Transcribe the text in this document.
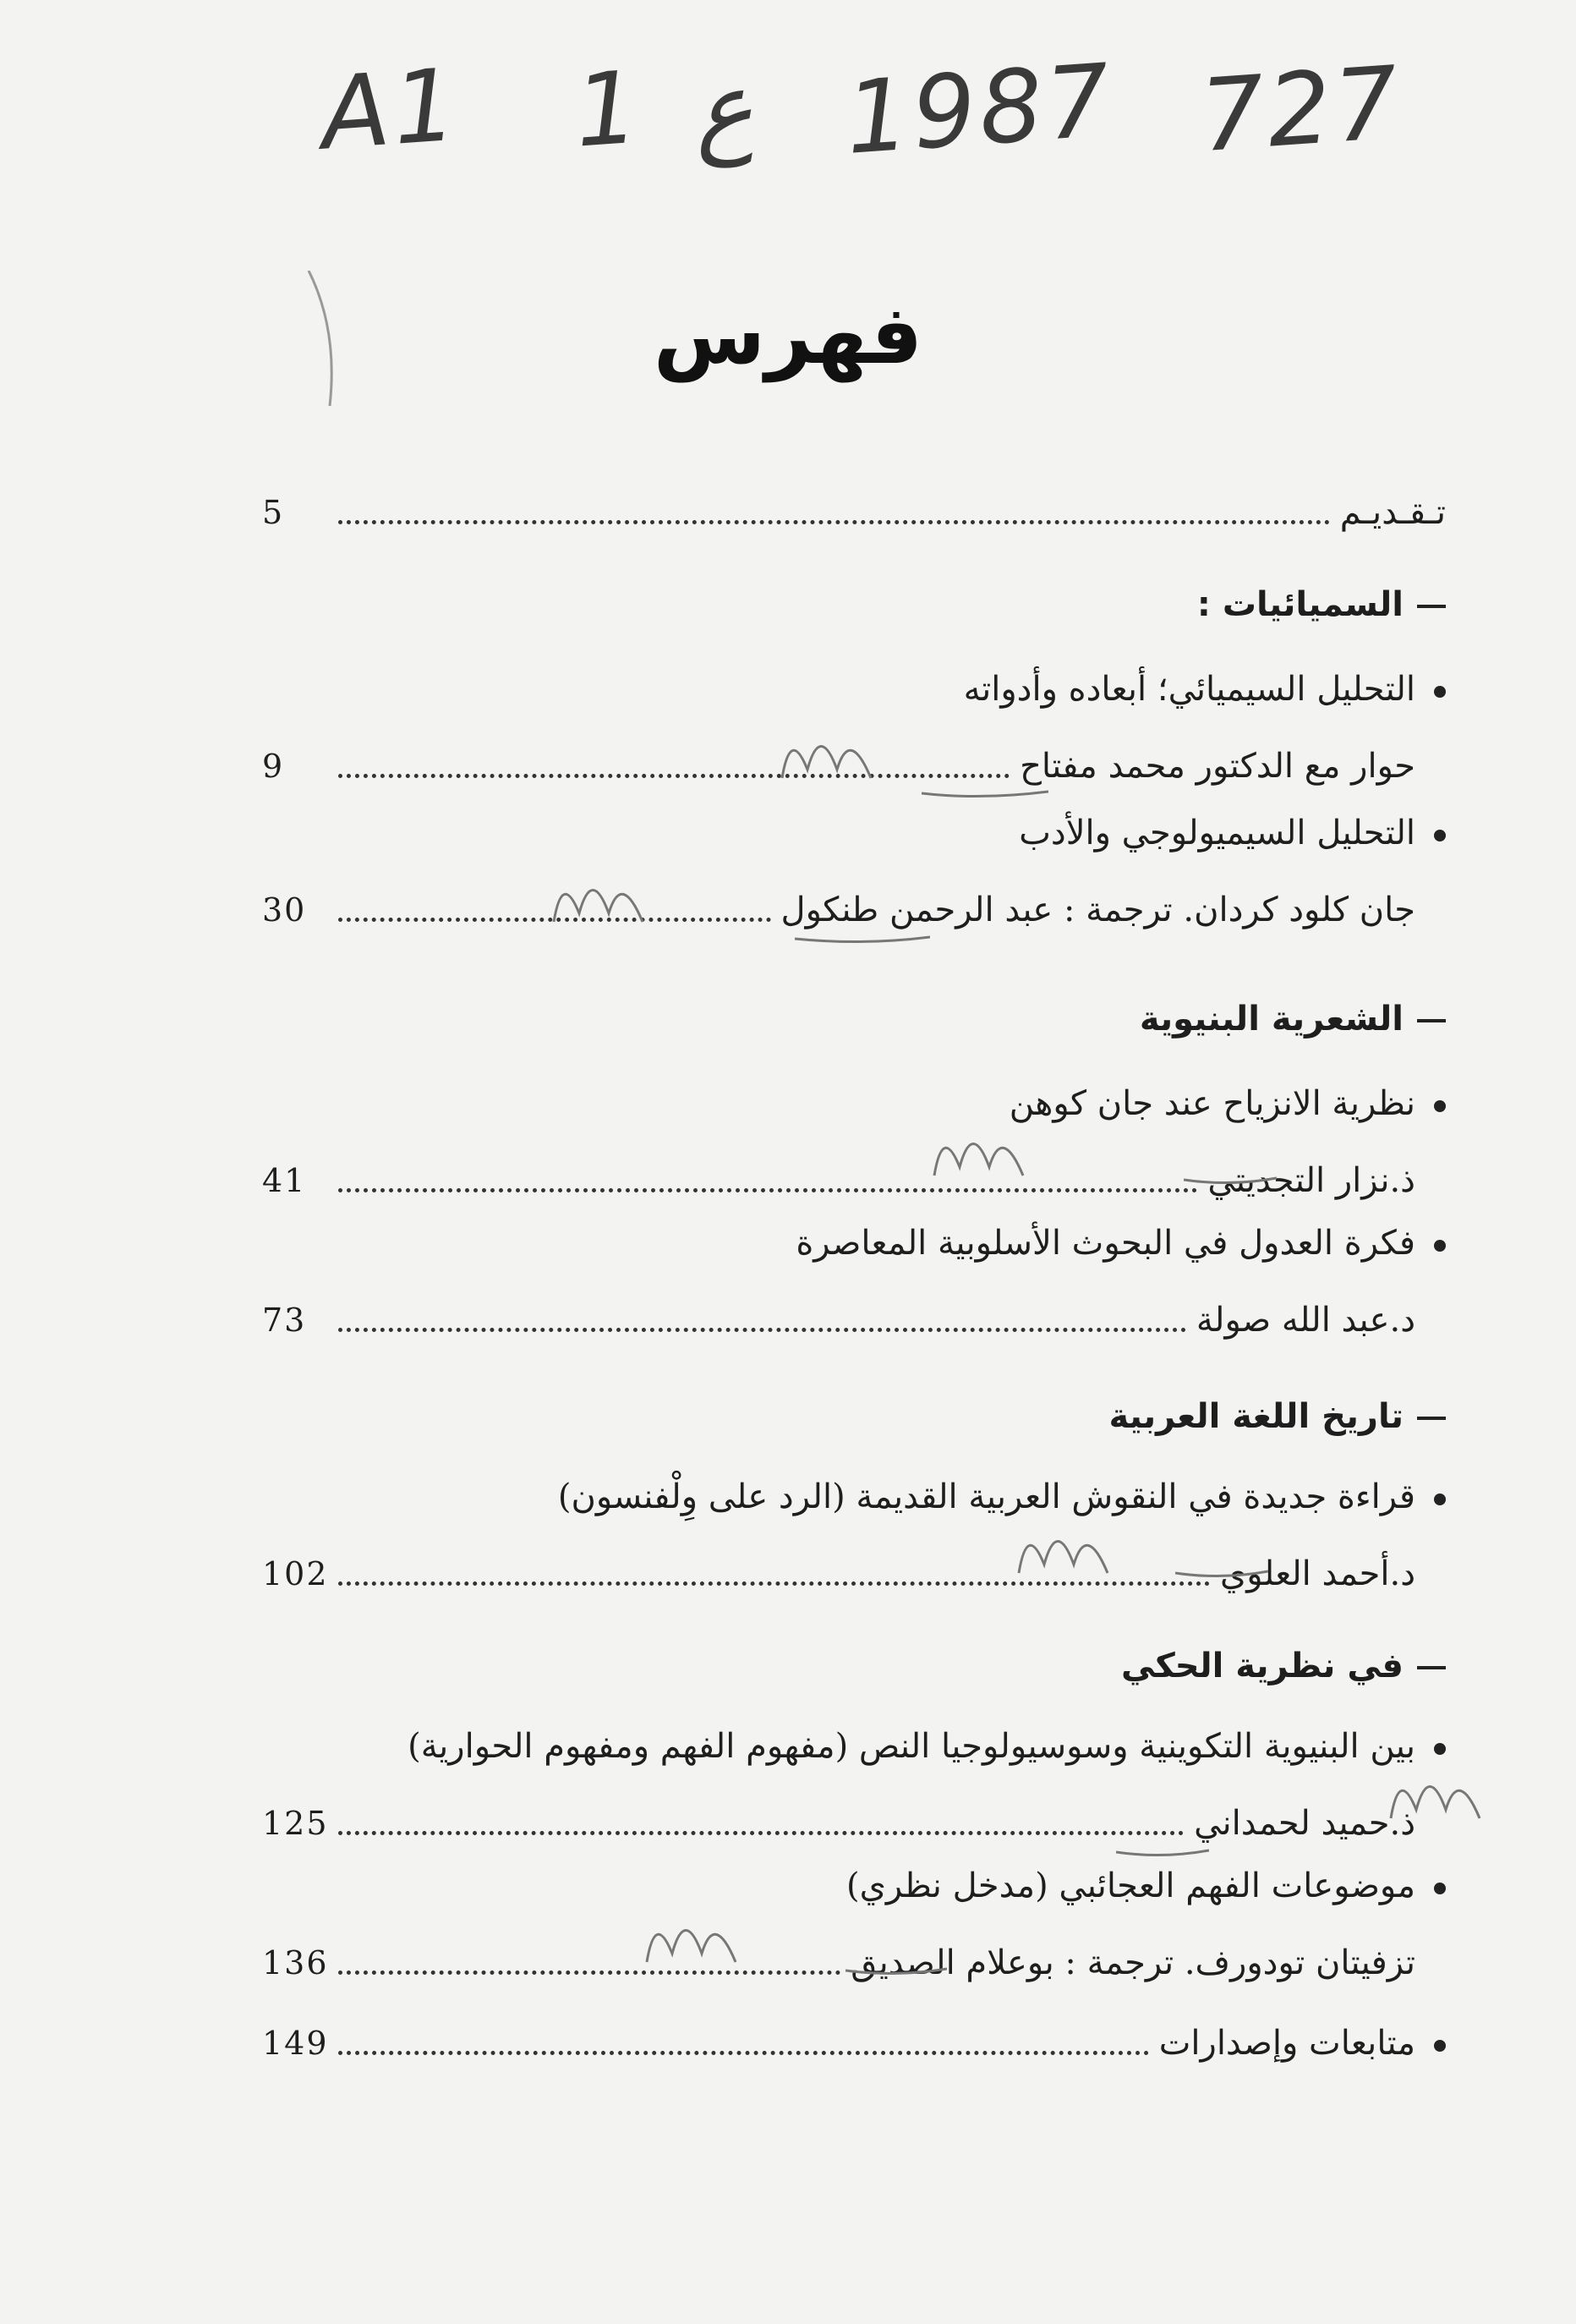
A1 1 ع 1987 727
فهرس
تـقـديـم
5
السميائيات :
التحليل السيميائي؛ أبعاده وأدواته
حوار مع الدكتور محمد مفتاح
9
التحليل السيميولوجي والأدب
جان كلود كردان. ترجمة : عبد الرحمن طنكول
30
الشعرية البنيوية
نظرية الانزياح عند جان كوهن
ذ.نزار التجديتي
41
فكرة العدول في البحوث الأسلوبية المعاصرة
د.عبد الله صولة
73
تاريخ اللغة العربية
قراءة جديدة في النقوش العربية القديمة (الرد على وِلْفنسون)
د.أحمد العلوي
102
في نظرية الحكي
بين البنيوية التكوينية وسوسيولوجيا النص (مفهوم الفهم ومفهوم الحوارية)
ذ.حميد لحمداني
125
موضوعات الفهم العجائبي (مدخل نظري)
تزفيتان تودورف. ترجمة : بوعلام الصديق
136
متابعات وإصدارات
149
